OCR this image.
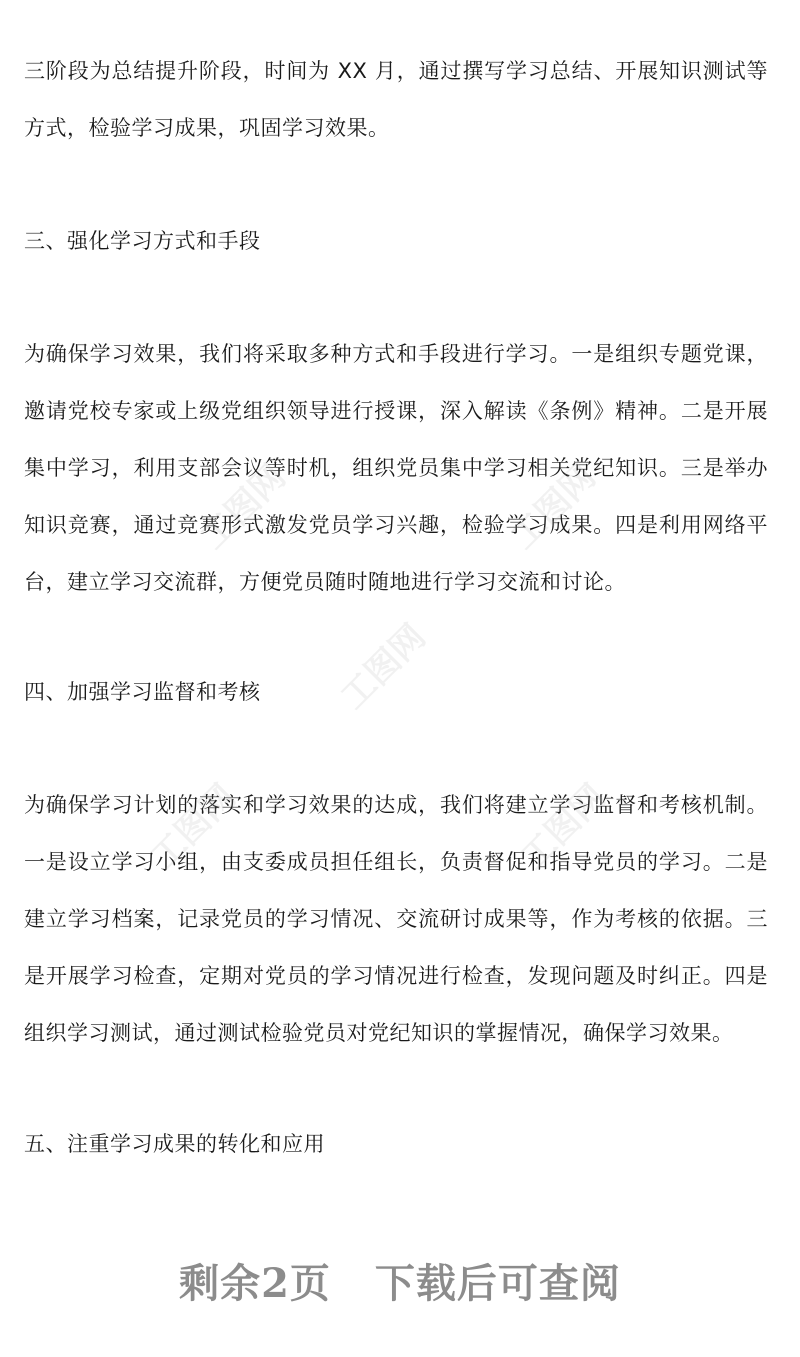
三阶段为总结提升阶段，时间为 XX 月，通过撰写学习总结、开展知识测试等方式，检验学习成果，巩固学习效果。

三、强化学习方式和手段

为确保学习效果，我们将采取多种方式和手段进行学习。一是组织专题党课，邀请党校专家或上级党组织领导进行授课，深入解读《条例》精神。二是开展集中学习，利用支部会议等时机，组织党员集中学习相关党纪知识。三是举办知识竞赛，通过竞赛形式激发党员学习兴趣，检验学习成果。四是利用网络平台，建立学习交流群，方便党员随时随地进行学习交流和讨论。

四、加强学习监督和考核

为确保学习计划的落实和学习效果的达成，我们将建立学习监督和考核机制。一是设立学习小组，由支委成员担任组长，负责督促和指导党员的学习。二是建立学习档案，记录党员的学习情况、交流研讨成果等，作为考核的依据。三是开展学习检查，定期对党员的学习情况进行检查，发现问题及时纠正。四是组织学习测试，通过测试检验党员对党纪知识的掌握情况，确保学习效果。

五、注重学习成果的转化和应用
工图网	工图网
工图网
工图网	工图网
剩余2页 下载后可查阅
